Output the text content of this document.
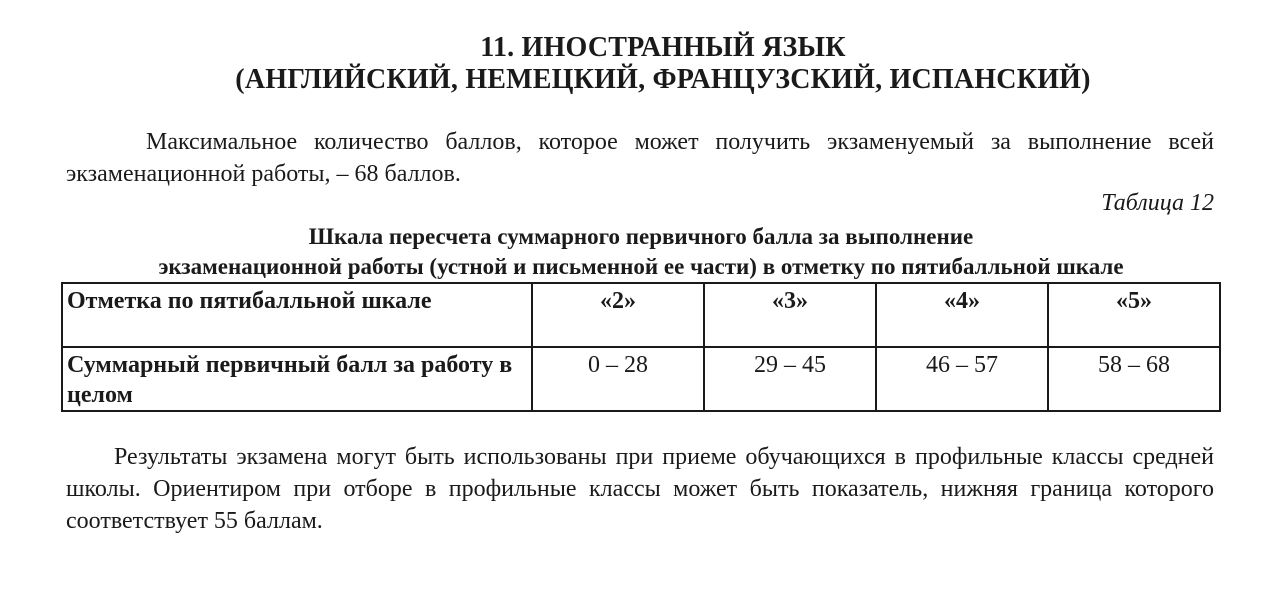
11. ИНОСТРАННЫЙ ЯЗЫК
(АНГЛИЙСКИЙ, НЕМЕЦКИЙ, ФРАНЦУЗСКИЙ, ИСПАНСКИЙ)
Максимальное количество баллов, которое может получить экзаменуемый за выполнение всей экзаменационной работы, – 68 баллов.
Таблица 12
Шкала пересчета суммарного первичного балла за выполнение
экзаменационной работы (устной и письменной ее части) в отметку по пятибалльной шкале
Отметка по пятибалльной шкале	«2»	«3»	«4»	«5»
Суммарный первичный балл за работу в целом	0 – 28	29 – 45	46 – 57	58 – 68
Результаты экзамена могут быть использованы при приеме обучающихся в профильные классы средней школы. Ориентиром при отборе в профильные классы может быть показатель, нижняя граница которого соответствует 55 баллам.
